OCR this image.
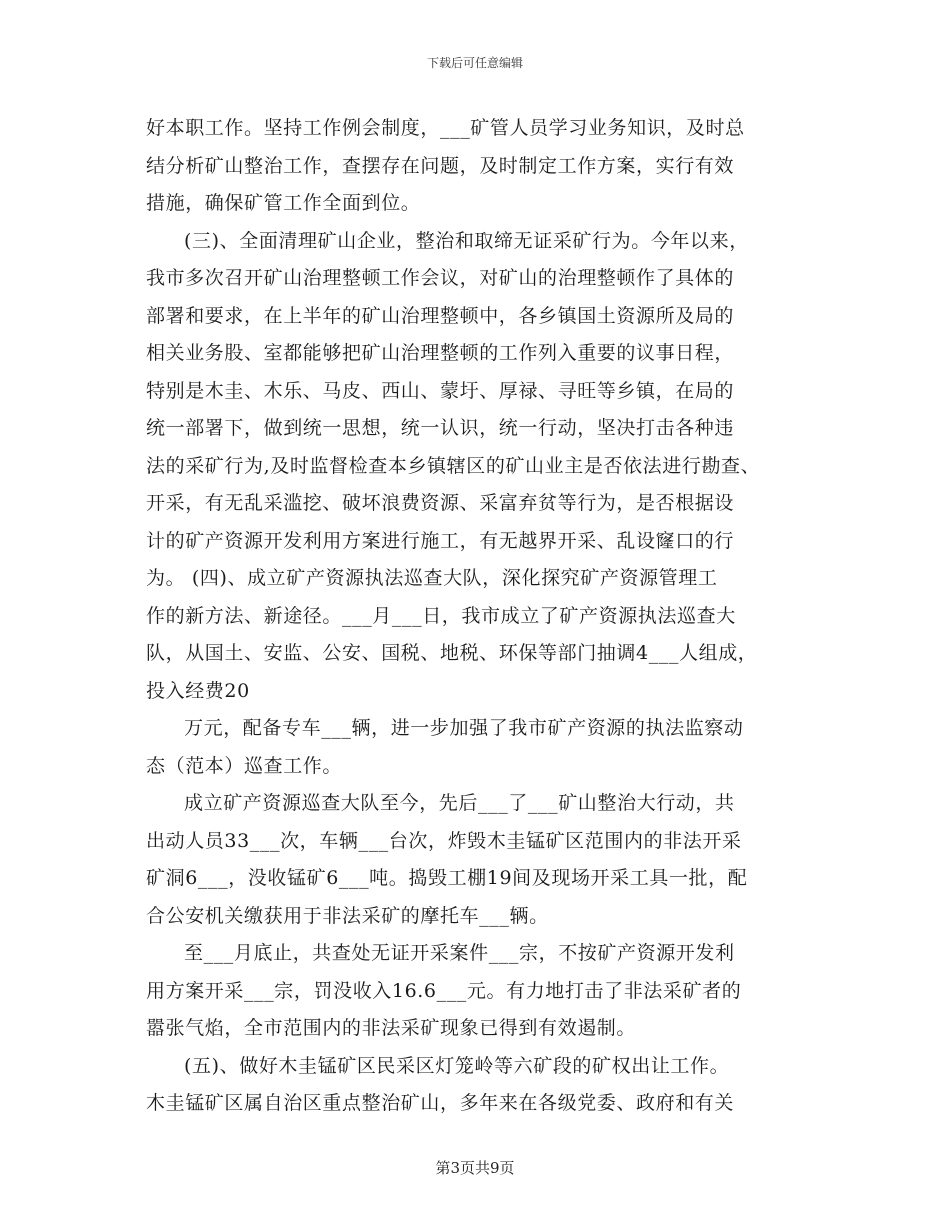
下载后可任意编辑
好本职工作。坚持工作例会制度，___矿管人员学习业务知识，及时总
结分析矿山整治工作，查摆存在问题，及时制定工作方案，实行有效
措施，确保矿管工作全面到位。
(三)、全面清理矿山企业，整治和取缔无证采矿行为。今年以来，
我市多次召开矿山治理整顿工作会议，对矿山的治理整顿作了具体的
部署和要求，在上半年的矿山治理整顿中，各乡镇国土资源所及局的
相关业务股、室都能够把矿山治理整顿的工作列入重要的议事日程，
特别是木圭、木乐、马皮、西山、蒙圩、厚禄、寻旺等乡镇，在局的
统一部署下，做到统一思想，统一认识，统一行动，坚决打击各种违
法的采矿行为,及时监督检查本乡镇辖区的矿山业主是否依法进行勘查、
开采，有无乱采滥挖、破坏浪费资源、采富弃贫等行为，是否根据设
计的矿产资源开发利用方案进行施工，有无越界开采、乱设窿口的行
为。 (四)、成立矿产资源执法巡查大队，深化探究矿产资源管理工
作的新方法、新途径。___月___日，我市成立了矿产资源执法巡查大
队，从国土、安监、公安、国税、地税、环保等部门抽调4___人组成，
投入经费20
万元，配备专车___辆，进一步加强了我市矿产资源的执法监察动
态（范本）巡查工作。
成立矿产资源巡查大队至今，先后___了___矿山整治大行动，共
出动人员33___次，车辆___台次，炸毁木圭锰矿区范围内的非法开采
矿洞6___，没收锰矿6___吨。捣毁工棚19间及现场开采工具一批，配
合公安机关缴获用于非法采矿的摩托车___辆。
至___月底止，共查处无证开采案件___宗，不按矿产资源开发利
用方案开采___宗，罚没收入16.6___元。有力地打击了非法采矿者的
嚣张气焰，全市范围内的非法采矿现象已得到有效遏制。
(五)、做好木圭锰矿区民采区灯笼岭等六矿段的矿权出让工作。
木圭锰矿区属自治区重点整治矿山，多年来在各级党委、政府和有关
第3页共9页
